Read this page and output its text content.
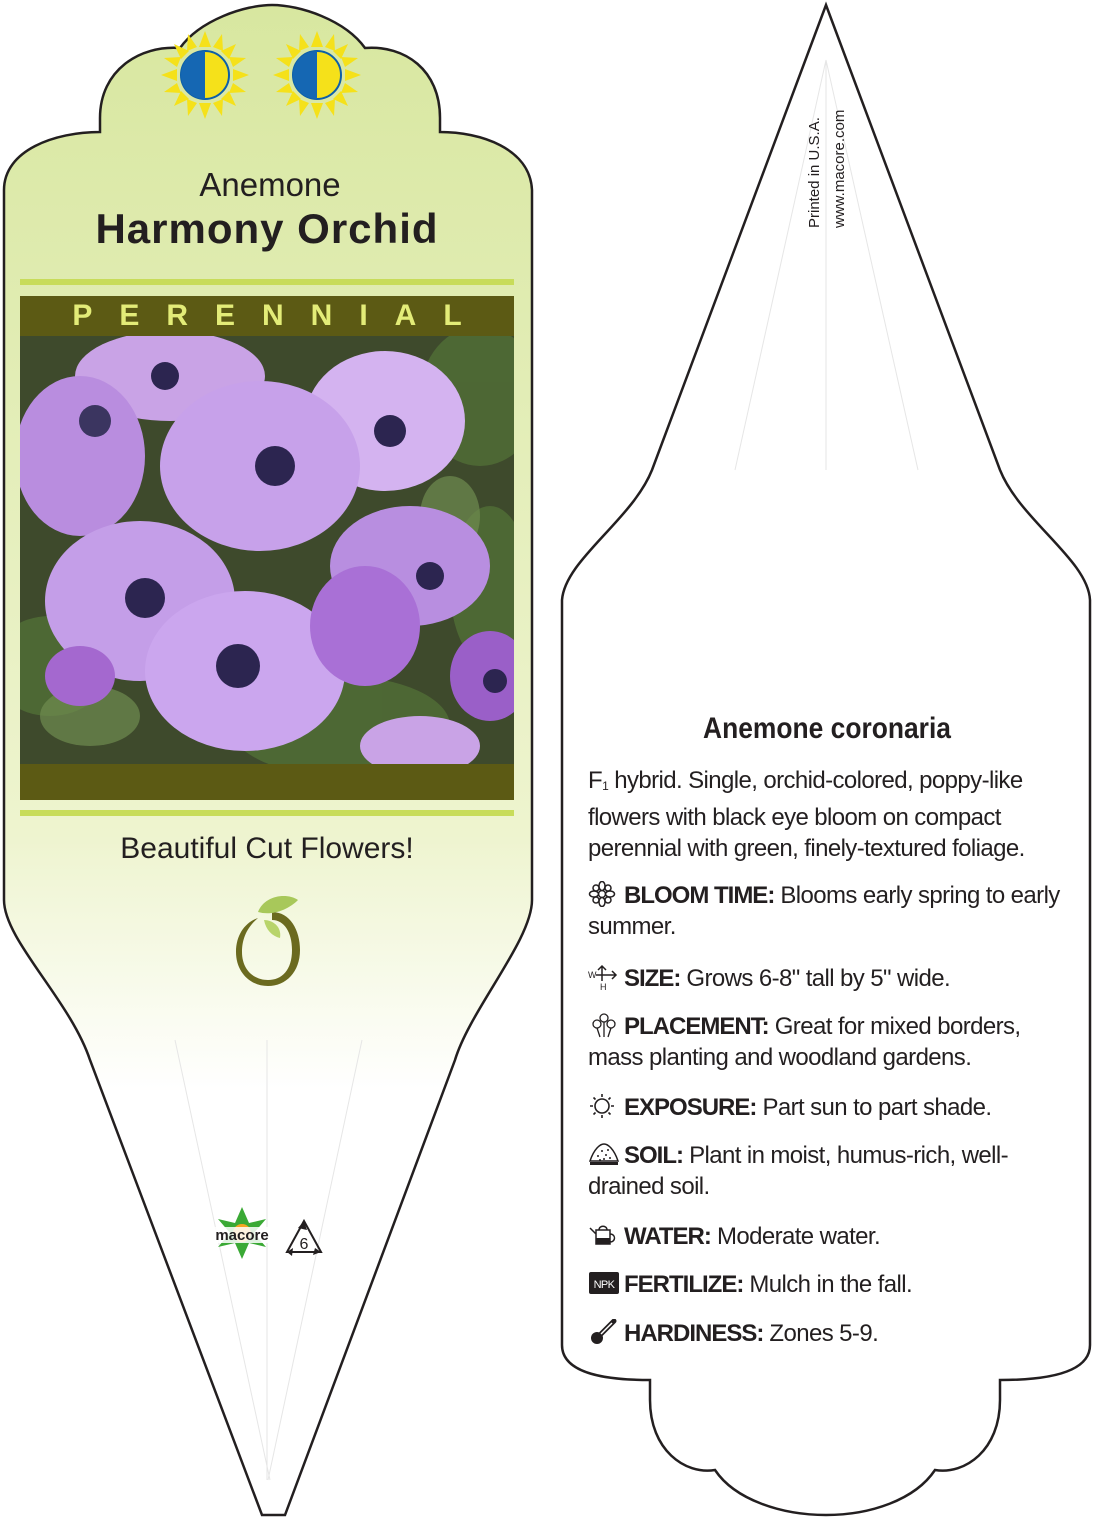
Anemone
Harmony Orchid
PERENNIAL
Beautiful Cut Flowers!
macore
6
Printed in U.S.A. www.macore.com
Anemone coronaria
F1 hybrid. Single, orchid-colored, poppy-like flowers with black eye bloom on compact perennial with green, finely-textured foliage.
BLOOM TIME: Blooms early spring to early summer.
W
H SIZE: Grows 6-8" tall by 5" wide.
PLACEMENT: Great for mixed borders, mass planting and woodland gardens.
EXPOSURE: Part sun to part shade.
SOIL: Plant in moist, humus-rich, well-drained soil.
WATER: Moderate water.
NPK FERTILIZE: Mulch in the fall.
HARDINESS: Zones 5-9.
